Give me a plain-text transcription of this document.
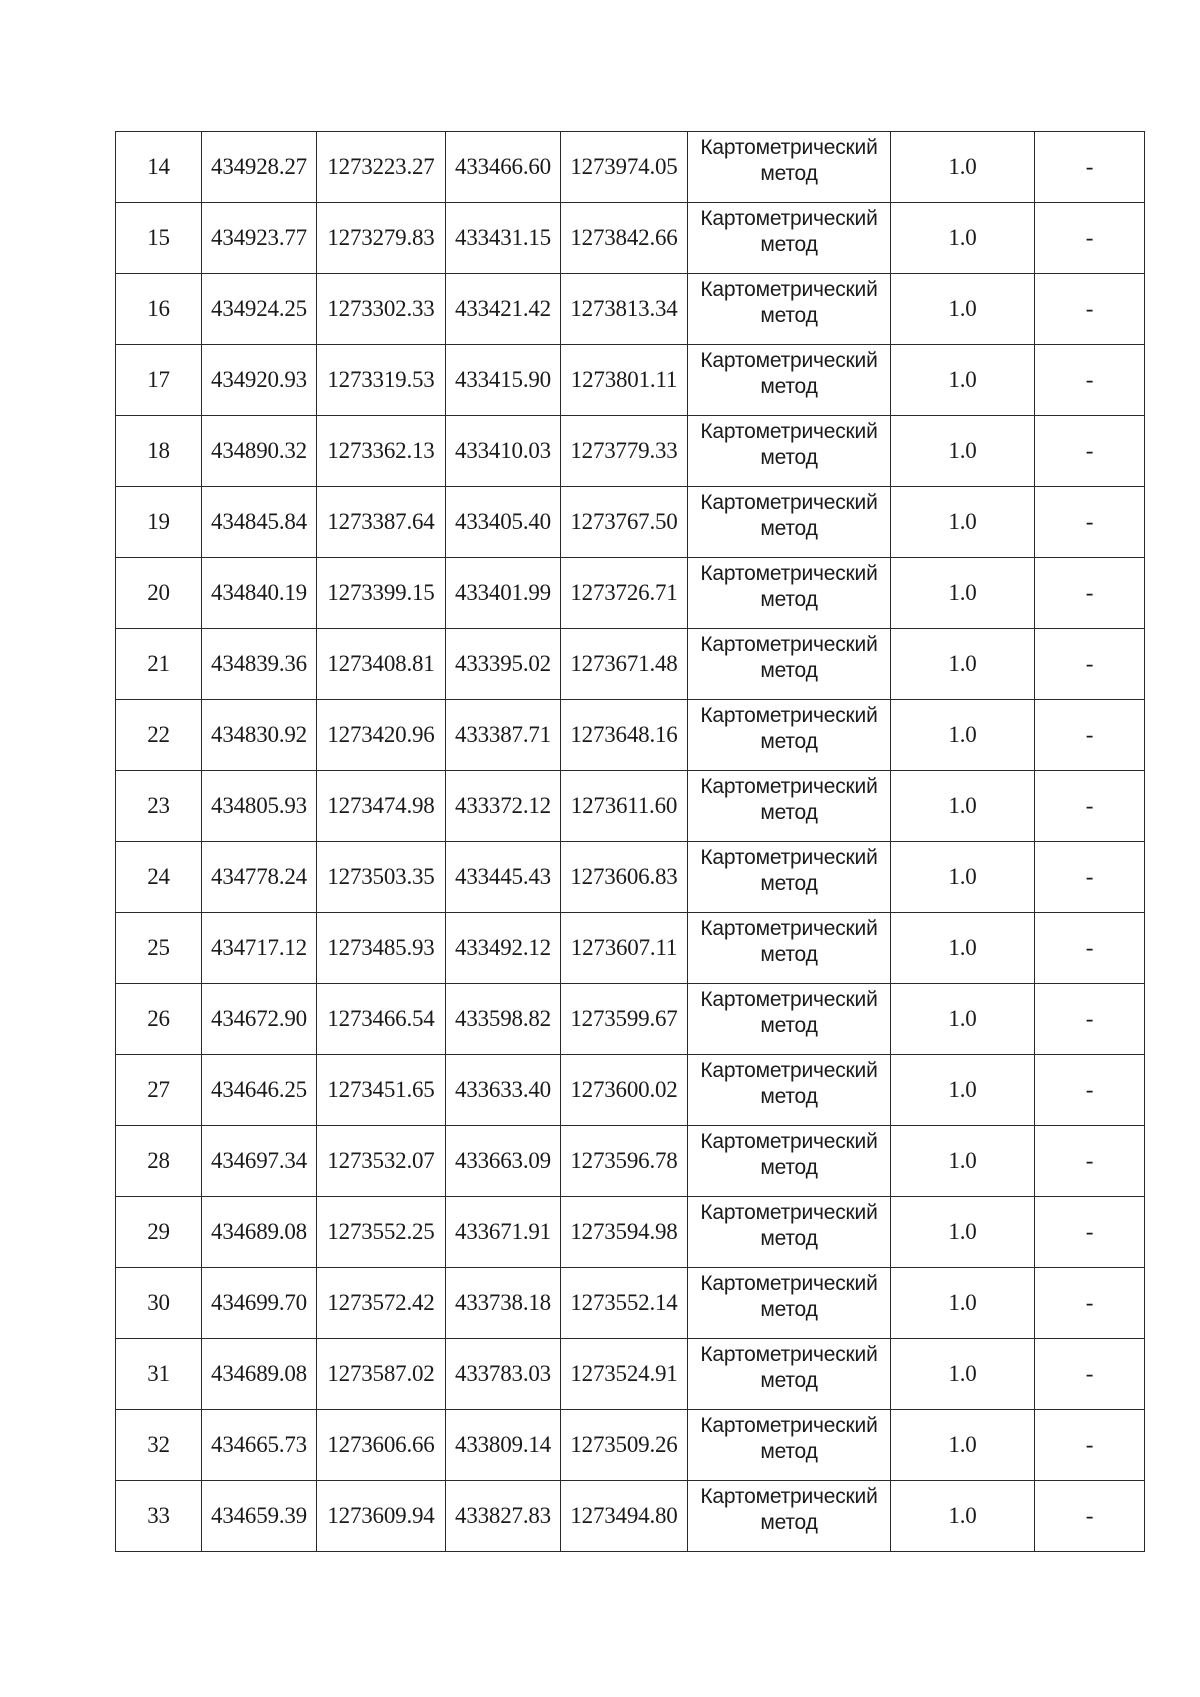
14	434928.27	1273223.27	433466.60	1273974.05	Картометрический
метод	1.0	-
15	434923.77	1273279.83	433431.15	1273842.66	Картометрический
метод	1.0	-
16	434924.25	1273302.33	433421.42	1273813.34	Картометрический
метод	1.0	-
17	434920.93	1273319.53	433415.90	1273801.11	Картометрический
метод	1.0	-
18	434890.32	1273362.13	433410.03	1273779.33	Картометрический
метод	1.0	-
19	434845.84	1273387.64	433405.40	1273767.50	Картометрический
метод	1.0	-
20	434840.19	1273399.15	433401.99	1273726.71	Картометрический
метод	1.0	-
21	434839.36	1273408.81	433395.02	1273671.48	Картометрический
метод	1.0	-
22	434830.92	1273420.96	433387.71	1273648.16	Картометрический
метод	1.0	-
23	434805.93	1273474.98	433372.12	1273611.60	Картометрический
метод	1.0	-
24	434778.24	1273503.35	433445.43	1273606.83	Картометрический
метод	1.0	-
25	434717.12	1273485.93	433492.12	1273607.11	Картометрический
метод	1.0	-
26	434672.90	1273466.54	433598.82	1273599.67	Картометрический
метод	1.0	-
27	434646.25	1273451.65	433633.40	1273600.02	Картометрический
метод	1.0	-
28	434697.34	1273532.07	433663.09	1273596.78	Картометрический
метод	1.0	-
29	434689.08	1273552.25	433671.91	1273594.98	Картометрический
метод	1.0	-
30	434699.70	1273572.42	433738.18	1273552.14	Картометрический
метод	1.0	-
31	434689.08	1273587.02	433783.03	1273524.91	Картометрический
метод	1.0	-
32	434665.73	1273606.66	433809.14	1273509.26	Картометрический
метод	1.0	-
33	434659.39	1273609.94	433827.83	1273494.80	Картометрический
метод	1.0	-
